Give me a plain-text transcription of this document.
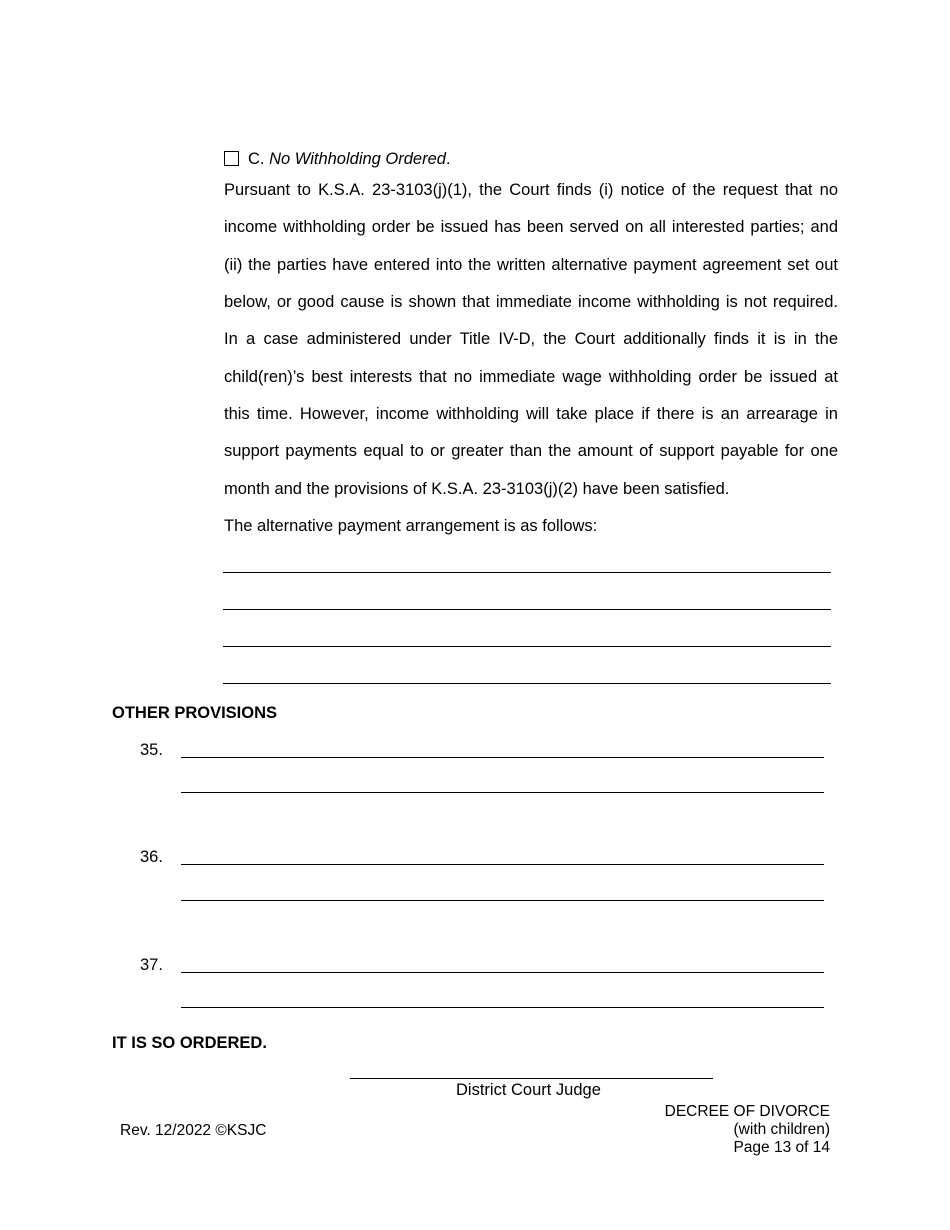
C. No Withholding Ordered.
Pursuant to K.S.A. 23-3103(j)(1), the Court finds (i) notice of the request that no
income withholding order be issued has been served on all interested parties; and
(ii) the parties have entered into the written alternative payment agreement set out
below, or good cause is shown that immediate income withholding is not required.
In a case administered under Title IV-D, the Court additionally finds it is in the
child(ren)’s best interests that no immediate wage withholding order be issued at
this time. However, income withholding will take place if there is an arrearage in
support payments equal to or greater than the amount of support payable for one
month and the provisions of K.S.A. 23-3103(j)(2) have been satisfied.
The alternative payment arrangement is as follows:
OTHER PROVISIONS
35.
36.
37.
IT IS SO ORDERED.
District Court Judge
Rev. 12/2022 ©KSJC
DECREE OF DIVORCE
(with children)
Page 13 of 14
